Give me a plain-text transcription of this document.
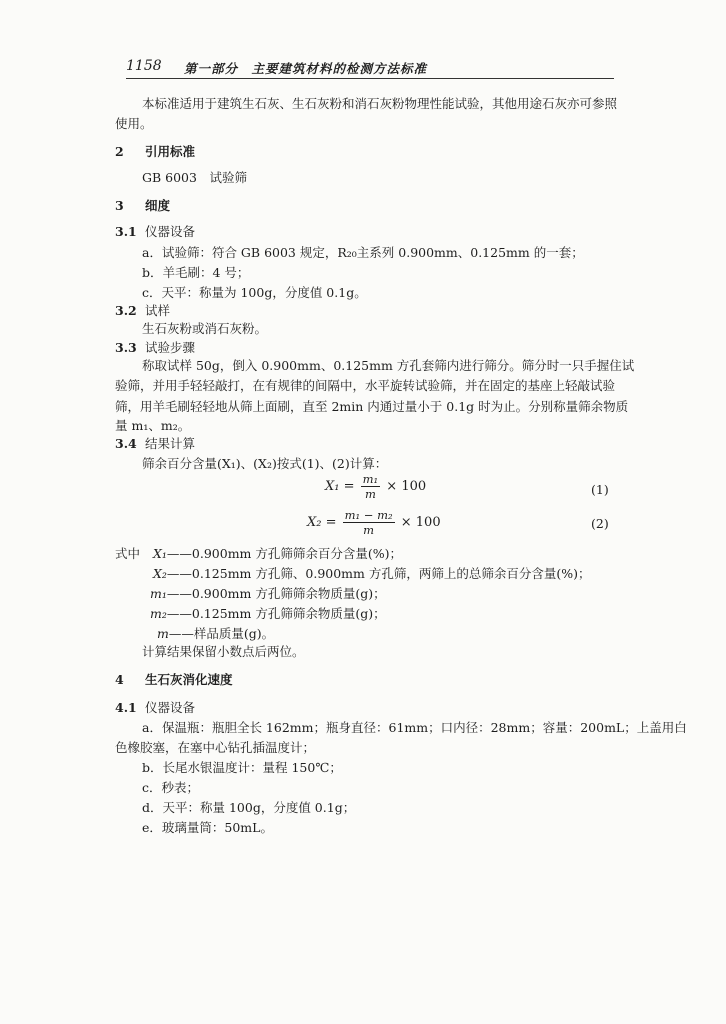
1158 第一部分　主要建筑材料的检测方法标准
本标准适用于建筑生石灰、生石灰粉和消石灰粉物理性能试验，其他用途石灰亦可参照
使用。
2 引用标准
GB 6003　试验筛
3 细度
3.1 仪器设备
a．试验筛：符合 GB 6003 规定，R₂₀主系列 0.900mm、0.125mm 的一套；
b．羊毛刷：4 号；
c．天平：称量为 100g，分度值 0.1g。
3.2 试样
生石灰粉或消石灰粉。
3.3 试验步骤
称取试样 50g，倒入 0.900mm、0.125mm 方孔套筛内进行筛分。筛分时一只手握住试
验筛，并用手轻轻敲打，在有规律的间隔中，水平旋转试验筛，并在固定的基座上轻敲试验
筛，用羊毛刷轻轻地从筛上面刷，直至 2min 内通过量小于 0.1g 时为止。分别称量筛余物质
量 m₁、m₂。
3.4 结果计算
筛余百分含量(X₁)、(X₂)按式(1)、(2)计算：
$X_1 = \frac{\text{m₁}}{m} \times 100$	(1)
$X_2 = \frac{\text{m₁ − m₂}}{m} \times 100$	(2)
式中 X₁——0.900mm 方孔筛筛余百分含量(%)；
X₂——0.125mm 方孔筛、0.900mm 方孔筛，两筛上的总筛余百分含量(%)；
m₁——0.900mm 方孔筛筛余物质量(g)；
m₂——0.125mm 方孔筛筛余物质量(g)；
m——样品质量(g)。
计算结果保留小数点后两位。
4 生石灰消化速度
4.1 仪器设备
a．保温瓶：瓶胆全长 162mm；瓶身直径：61mm；口内径：28mm；容量：200mL；上盖用白
色橡胶塞，在塞中心钻孔插温度计；
b．长尾水银温度计：量程 150℃；
c．秒表；
d．天平：称量 100g，分度值 0.1g；
e．玻璃量筒：50mL。
